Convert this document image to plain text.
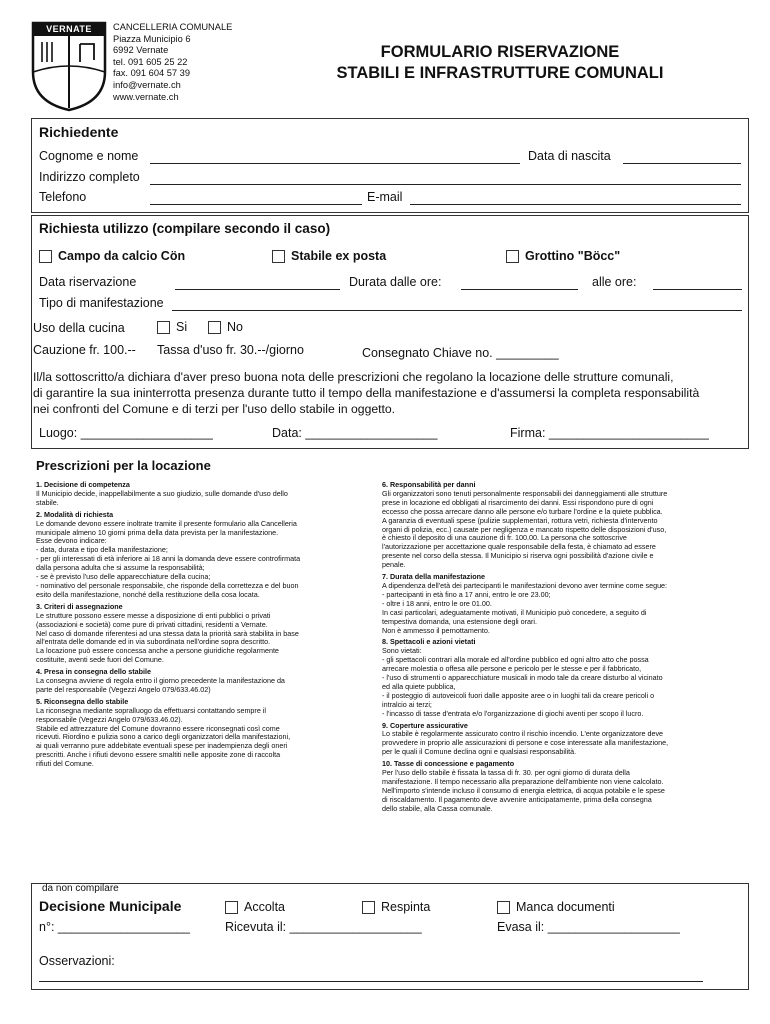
VERNATE	CANCELLERIA COMUNALE
Piazza Municipio 6
6992 Vernate
tel. 091 605 25 22
fax. 091 604 57 39
info@vernate.ch
www.vernate.ch
FORMULARIO RISERVAZIONE
STABILI E INFRASTRUTTURE COMUNALI
Richiedente
Cognome e nome	Data di nascita
Indirizzo completo
Telefono	E-mail
Richiesta utilizzo (compilare secondo il caso)
Campo da calcio Cön	Stabile ex posta	Grottino "Böcc"
Data riservazione	Durata dalle ore:	alle ore:
Tipo di manifestazione
Uso della cucina	Si	No
Cauzione fr. 100.-- Tassa d'uso fr. 30.--/giorno	Consegnato Chiave no. _________
Il/la sottoscritto/a dichiara d'aver preso buona nota delle prescrizioni che regolano la locazione delle strutture comunali,
di garantire la sua ininterrotta presenza durante tutto il tempo della manifestazione e d'assumersi la completa responsabilità
nei confronti del Comune e di terzi per l'uso dello stabile in oggetto.
Luogo: ___________________	Data: ___________________	Firma: _______________________
Prescrizioni per la locazione
1. Decisione di competenza
Il Municipio decide, inappellabilmente a suo giudizio, sulle domande d'uso dello
stabile.
2. Modalità di richiesta
Le domande devono essere inoltrate tramite il presente formulario alla Cancelleria
municipale almeno 10 giorni prima della data prevista per la manifestazione.
Esse devono indicare:
- data, durata e tipo della manifestazione;
- per gli interessati di età inferiore ai 18 anni la domanda deve essere controfirmata
dalla persona adulta che si assume la responsabilità;
- se è previsto l'uso delle apparecchiature della cucina;
- nominativo del personale responsabile, che risponde della correttezza e del buon
esito della manifestazione, nonché della restituzione della cosa locata.
3. Criteri di assegnazione
Le strutture possono essere messe a disposizione di enti pubblici o privati
(associazioni e società) come pure di privati cittadini, residenti a Vernate.
Nel caso di domande riferentesi ad una stessa data la priorità sarà stabilita in base
all'entrata delle domande ed in via subordinata nell'ordine sopra descritto.
La locazione può essere concessa anche a persone giuridiche regolarmente
costituite, aventi sede fuori del Comune.
4. Presa in consegna dello stabile
La consegna avviene di regola entro il giorno precedente la manifestazione da
parte del responsabile (Vegezzi Angelo 079/633.46.02)
5. Riconsegna dello stabile
La riconsegna mediante sopralluogo da effettuarsi contattando sempre il
responsabile (Vegezzi Angelo 079/633.46.02).
Stabile ed attrezzature del Comune dovranno essere riconsegnati così come
ricevuti. Riordino e pulizia sono a carico degli organizzatori della manifestazioni,
ai quali verranno pure addebitate eventuali spese per inadempienza degli oneri
prescritti. Anche i rifiuti devono essere smaltiti nelle apposite zone di raccolta
rifiuti del Comune.
6. Responsabilità per danni
Gli organizzatori sono tenuti personalmente responsabili dei danneggiamenti alle strutture
prese in locazione ed obbligati al risarcimento dei danni. Essi rispondono pure di ogni
eccesso che possa arrecare danno alle persone e/o turbare l'ordine e la quiete pubblica.
A garanzia di eventuali spese (pulizie supplementari, rottura vetri, richiesta d'intervento
organi di polizia, ecc.) causate per negligenza e mancato rispetto delle disposizioni d'uso,
è chiesto il deposito di una cauzione di fr. 100.00. La persona che sottoscrive
l'autorizzazione per accettazione quale responsabile della festa, è chiamato ad essere
presente nel corso della stessa. Il Municipio si riserva ogni possibilità d'azione civile e
penale.
7. Durata della manifestazione
A dipendenza dell'età dei partecipanti le manifestazioni devono aver termine come segue:
- partecipanti in età fino a 17 anni, entro le ore 23.00;
- oltre i 18 anni, entro le ore 01.00.
In casi particolari, adeguatamente motivati, il Municipio può concedere, a seguito di
tempestiva domanda, una estensione degli orari.
Non è ammesso il pernottamento.
8. Spettacoli e azioni vietati
Sono vietati:
- gli spettacoli contrari alla morale ed all'ordine pubblico ed ogni altro atto che possa
arrecare molestia o offesa alle persone e pericolo per le stesse e per il fabbricato,
- l'uso di strumenti o apparecchiature musicali in modo tale da creare disturbo al vicinato
ed alla quiete pubblica,
- il posteggio di autoveicoli fuori dalle apposite aree o in luoghi tali da creare pericoli o
intralcio ai terzi;
- l'incasso di tasse d'entrata e/o l'organizzazione di giochi aventi per scopo il lucro.
9. Coperture assicurative
Lo stabile è regolarmente assicurato contro il rischio incendio. L'ente organizzatore deve
provvedere in proprio alle assicurazioni di persone e cose interessate alla manifestazione,
per le quali il Comune declina ogni e qualsiasi responsabilità.
10. Tasse di concessione e pagamento
Per l'uso dello stabile è fissata la tassa di fr. 30. per ogni giorno di durata della
manifestazione. Il tempo necessario alla preparazione dell'ambiente non viene calcolato.
Nell'importo s'intende incluso il consumo di energia elettrica, di acqua potabile e le spese
di riscaldamento. Il pagamento deve avvenire anticipatamente, prima della consegna
dello stabile, alla Cassa comunale.
da non compilare
Decisione Municipale	Accolta	Respinta	Manca documenti
n°: ___________________	Ricevuta il: ___________________	Evasa il: ___________________
Osservazioni:
